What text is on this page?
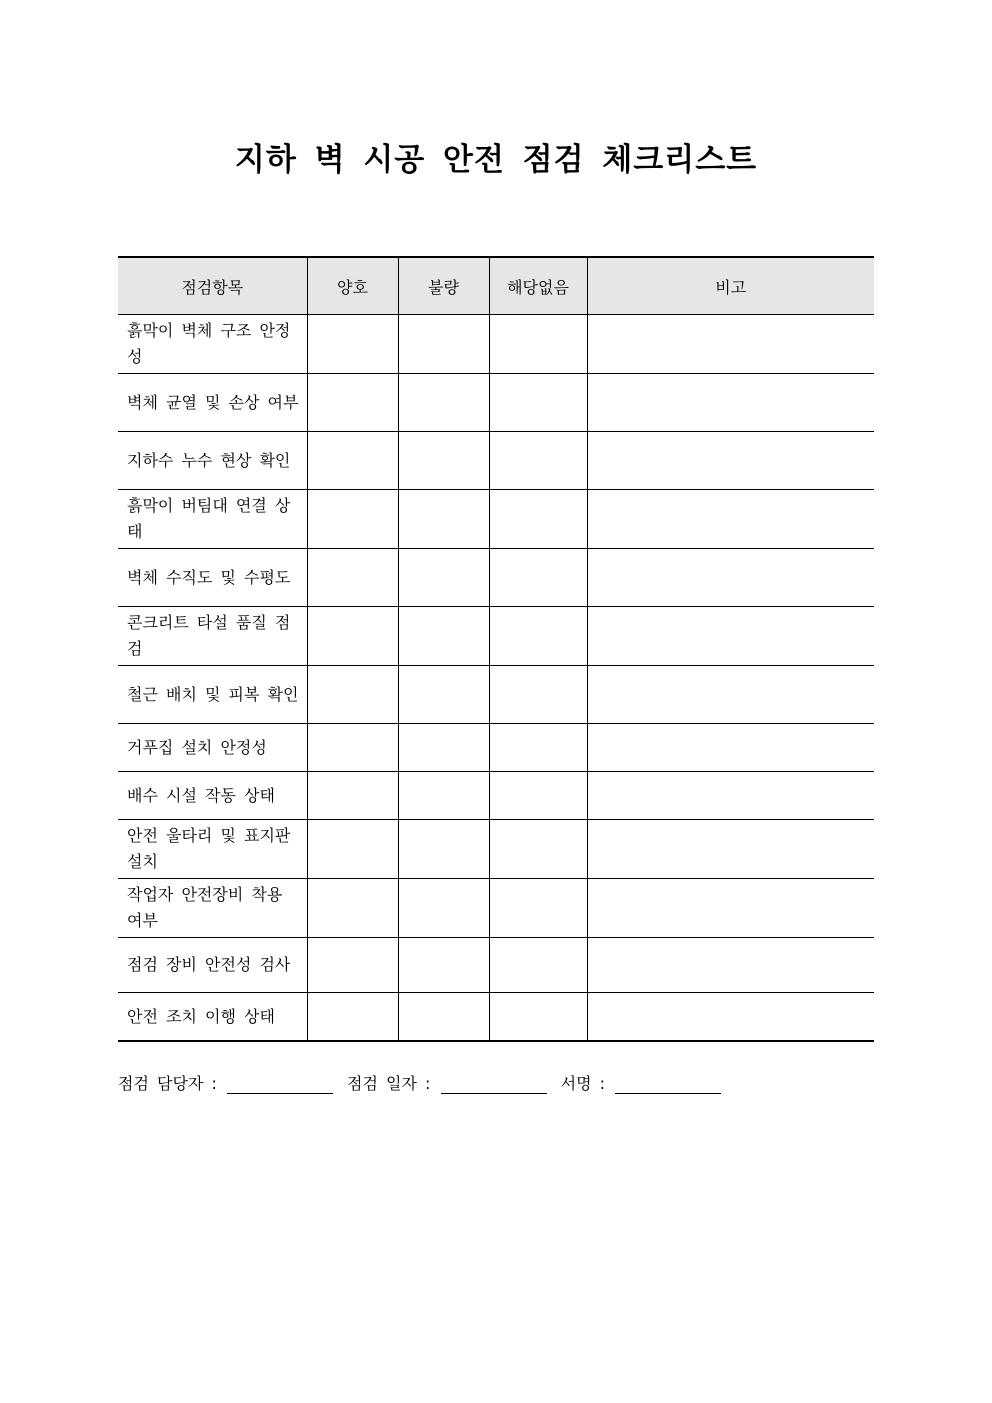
지하 벽 시공 안전 점검 체크리스트
점검항목	양호	불량	해당없음	비고
흙막이 벽체 구조 안정성				
벽체 균열 및 손상 여부				
지하수 누수 현상 확인				
흙막이 버팀대 연결 상태				
벽체 수직도 및 수평도				
콘크리트 타설 품질 점검				
철근 배치 및 피복 확인				
거푸집 설치 안정성				
배수 시설 작동 상태				
안전 울타리 및 표지판 설치				
작업자 안전장비 착용 여부				
점검 장비 안전성 검사				
안전 조치 이행 상태				
점검 담당자 :	점검 일자 :	서명 :
